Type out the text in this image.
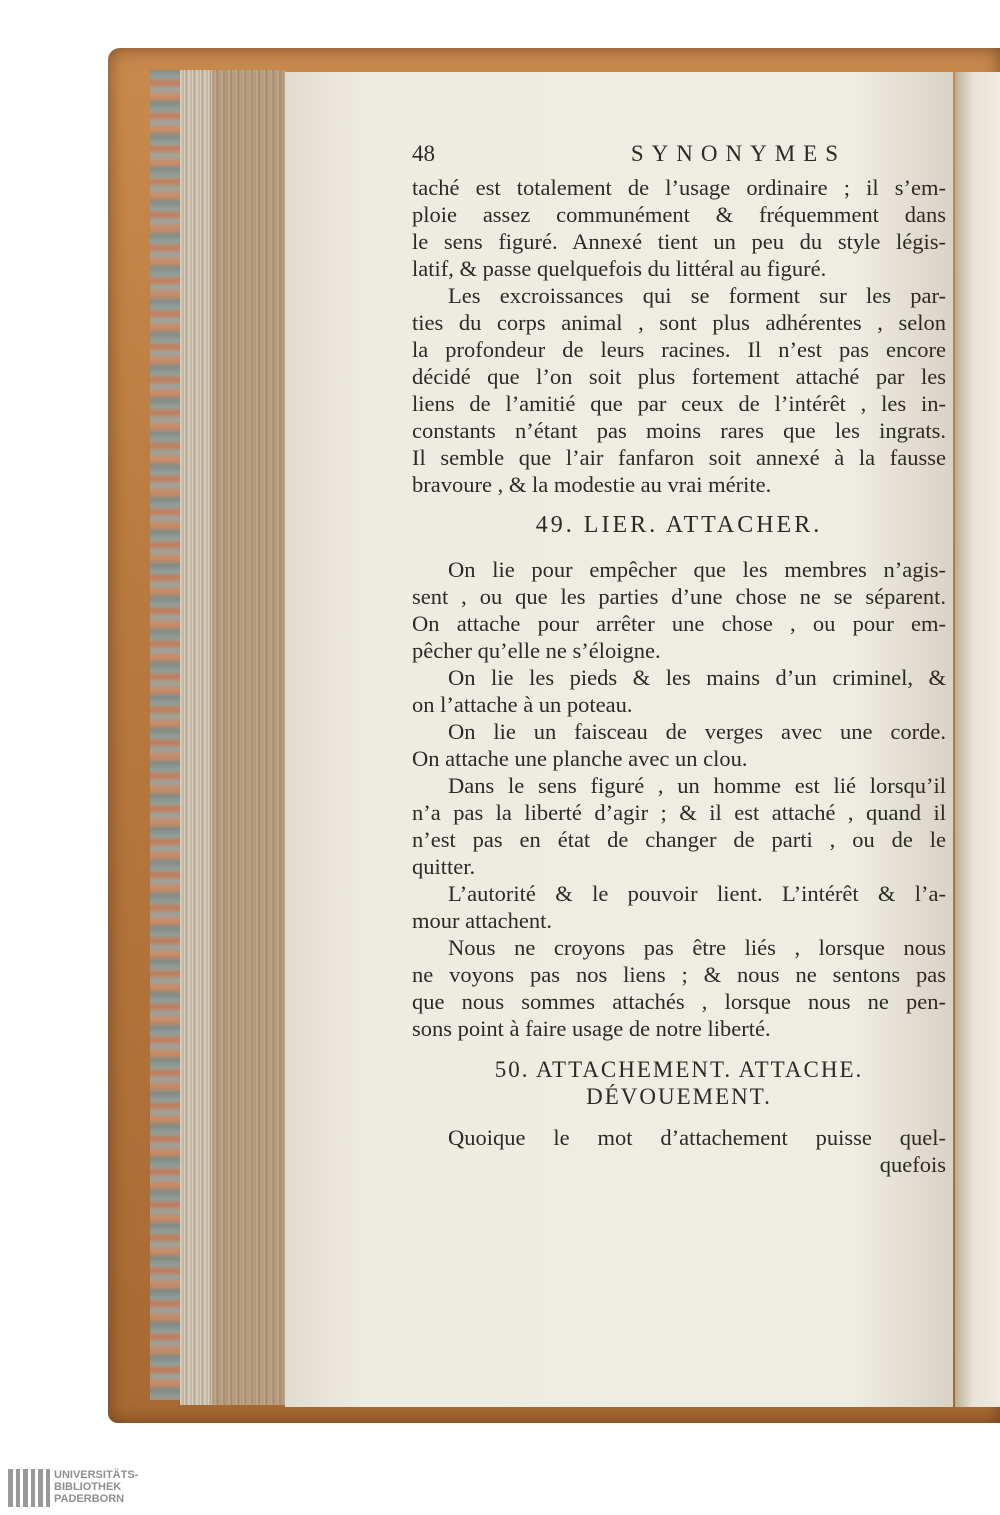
48	SYNONYMES
taché est totalement de l’usage ordinaire ; il s’em-
ploie assez communément & fréquemment dans
le sens figuré. Annexé tient un peu du style légis-
latif, & passe quelquefois du littéral au figuré.
Les excroissances qui se forment sur les par-
ties du corps animal , sont plus adhérentes , selon
la profondeur de leurs racines. Il n’est pas encore
décidé que l’on soit plus fortement attaché par les
liens de l’amitié que par ceux de l’intérêt , les in-
constants n’étant pas moins rares que les ingrats.
Il semble que l’air fanfaron soit annexé à la fausse
bravoure , & la modestie au vrai mérite.
49. LIER. ATTACHER.
On lie pour empêcher que les membres n’agis-
sent , ou que les parties d’une chose ne se séparent.
On attache pour arrêter une chose , ou pour em-
pêcher qu’elle ne s’éloigne.
On lie les pieds & les mains d’un criminel, &
on l’attache à un poteau.
On lie un faisceau de verges avec une corde.
On attache une planche avec un clou.
Dans le sens figuré , un homme est lié lorsqu’il
n’a pas la liberté d’agir ; & il est attaché , quand il
n’est pas en état de changer de parti , ou de le
quitter.
L’autorité & le pouvoir lient. L’intérêt & l’a-
mour attachent.
Nous ne croyons pas être liés , lorsque nous
ne voyons pas nos liens ; & nous ne sentons pas
que nous sommes attachés , lorsque nous ne pen-
sons point à faire usage de notre liberté.
50. ATTACHEMENT. ATTACHE.
DÉVOUEMENT.
Quoique le mot d’attachement puisse quel-
quefois
UNIVERSITÄTS-
BIBLIOTHEK
PADERBORN
